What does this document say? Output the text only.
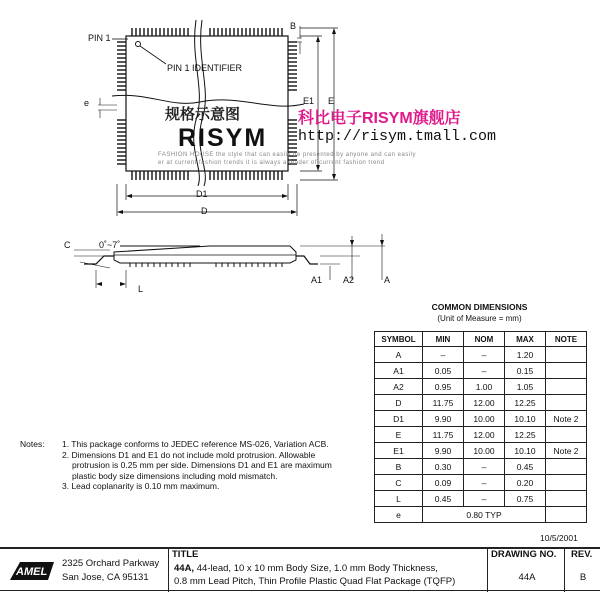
PIN 1
PIN 1 IDENTIFIER
e
B
E1 E
D1
D
规格示意图	科比电子RISYM旗舰店
RISYM http://risym.tmall.com
FASHION HOUSE the style that can easily be presented by anyone and can easily
er at current fashion trends it is always a leader of current fashion trend
C	0˚~7˚
L
A1 A2	A
COMMON DIMENSIONS
(Unit of Measure = mm)
SYMBOL	MIN	NOM	MAX	NOTE
A	–	–	1.20	
A1	0.05	–	0.15	
A2	0.95	1.00	1.05	
D	11.75	12.00	12.25	
D1	9.90	10.00	10.10	Note 2
E	11.75	12.00	12.25	
E1	9.90	10.00	10.10	Note 2
B	0.30	–	0.45	
C	0.09	–	0.20	
L	0.45	–	0.75	
e	0.80 TYP			
Notes: 1. This package conforms to JEDEC reference MS-026, Variation ACB.
2. Dimensions D1 and E1 do not include mold protrusion. Allowable
protrusion is 0.25 mm per side. Dimensions D1 and E1 are maximum
plastic body size dimensions including mold mismatch.
3. Lead coplanarity is 0.10 mm maximum.
10/5/2001
AMEL
2325 Orchard Parkway
San Jose, CA 95131
TITLE
44A, 44-lead, 10 x 10 mm Body Size, 1.0 mm Body Thickness,
0.8 mm Lead Pitch, Thin Profile Plastic Quad Flat Package (TQFP)
DRAWING NO.
44A
REV.
B
